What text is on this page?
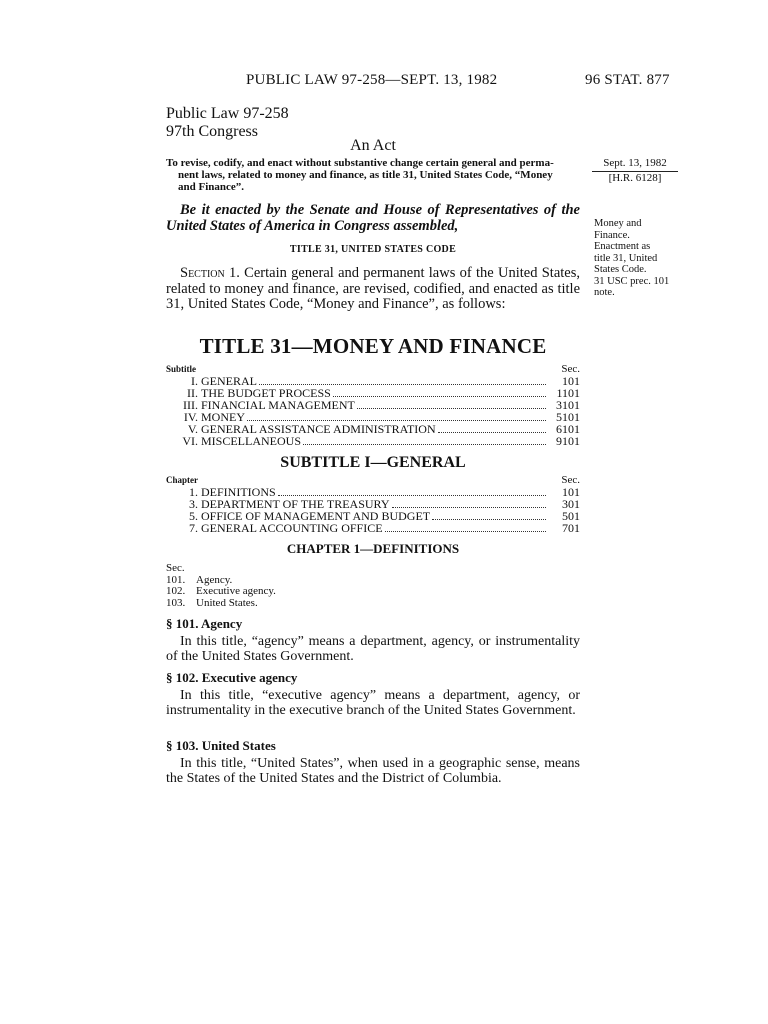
PUBLIC LAW 97-258—SEPT. 13, 1982	96 STAT. 877
Public Law 97-258
97th Congress
An Act
To revise, codify, and enact without substantive change certain general and perma-
nent laws, related to money and finance, as title 31, United States Code, “Money
and Finance”.
Sept. 13, 1982
[H.R. 6128]
Be it enacted by the Senate and House of Representatives of the United States of America in Congress assembled,	Money and
Finance.
Enactment as
title 31, United
States Code.
31 USC prec. 101
note.
TITLE 31, UNITED STATES CODE
Section 1. Certain general and permanent laws of the United States, related to money and finance, are revised, codified, and enacted as title 31, United States Code, “Money and Finance”, as follows:
TITLE 31—MONEY AND FINANCE
Subtitle	Sec.
I. GENERAL	101
II. THE BUDGET PROCESS	1101
III. FINANCIAL MANAGEMENT	3101
IV. MONEY	5101
V. GENERAL ASSISTANCE ADMINISTRATION	6101
VI. MISCELLANEOUS	9101
SUBTITLE I—GENERAL
Chapter	Sec.
1. DEFINITIONS	101
3. DEPARTMENT OF THE TREASURY	301
5. OFFICE OF MANAGEMENT AND BUDGET	501
7. GENERAL ACCOUNTING OFFICE	701
CHAPTER 1—DEFINITIONS
Sec.
101. Agency.
102. Executive agency.
103. United States.
§ 101. Agency
In this title, “agency” means a department, agency, or instrumentality of the United States Government.
§ 102. Executive agency
In this title, “executive agency” means a department, agency, or instrumentality in the executive branch of the United States Government.
§ 103. United States
In this title, “United States”, when used in a geographic sense, means the States of the United States and the District of Columbia.
